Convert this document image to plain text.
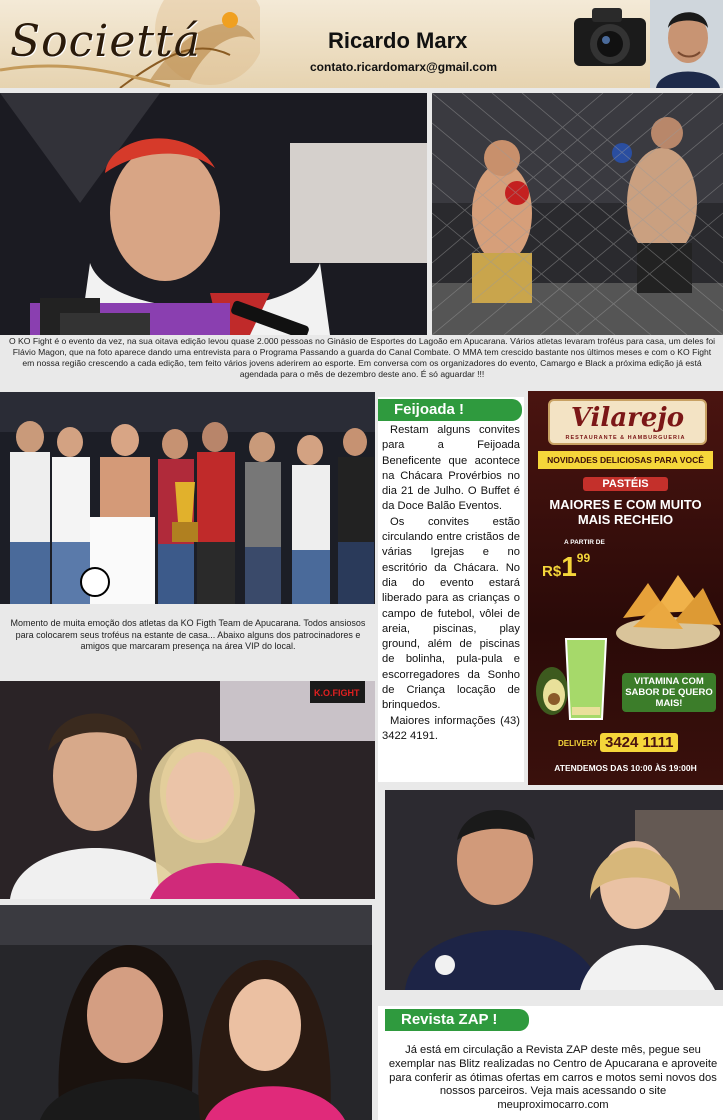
Societtá	Ricardo Marx
contato.ricardomarx@gmail.com
O KO Fight é o evento da vez, na sua oitava edição levou quase 2.000 pessoas no Ginásio de Esportes do Lagoão em Apucarana. Vários atletas levaram troféus para casa, um deles foi Flávio Magon, que na foto aparece dando uma entrevista para o Programa Passando a guarda do Canal Combate. O MMA tem crescido bastante nos últimos meses e com o KO Fight em nossa região crescendo a cada edição, tem feito vários jovens aderirem ao esporte. Em conversa com os organizadores do evento, Camargo e Black a próxima edição já está agendada para o mês de dezembro deste ano. É só aguardar !!!
Momento de muita emoção dos atletas da KO Figth Team de Apucarana. Todos ansiosos para colocarem seus troféus na estante de casa... Abaixo alguns dos patrocinadores e amigos que marcaram presença na área VIP do local.
Feijoada !

Restam alguns convites para a Feijoada Beneficente que acontece na Chácara Provérbios no dia 21 de Julho. O Buffet é da Doce Balão Eventos.

Os convites estão circulando entre cristãos de várias Igrejas e no escritório da Chácara. No dia do evento estará liberado para as crianças o campo de futebol, vôlei de areia, piscinas, play ground, além de piscinas de bolinha, pula-pula e escorregadores da Sonho de Criança locação de brinquedos.

Maiores informações (43) 3422 4191.

Vilarejo
RESTAURANTE & HAMBURGUERIA
NOVIDADES DELICIOSAS PARA VOCÊ
PASTÉIS
MAIORES E COM MUITO MAIS RECHEIO
A PARTIR DE
$R\$1^{99}$
VITAMINA COM SABOR DE QUERO MAIS!
DELIVERY 3424 1111
ATENDEMOS DAS 10:00 ÀS 19:00H
K.O.FIGHT
Revista ZAP !
Já está em circulação a Revista ZAP deste mês, pegue seu exemplar nas Blitz realizadas no Centro de Apucarana e aproveite para conferir as ótimas ofertas em carros e motos semi novos dos nossos parceiros. Veja mais acessando o site meuproximocarro.com
